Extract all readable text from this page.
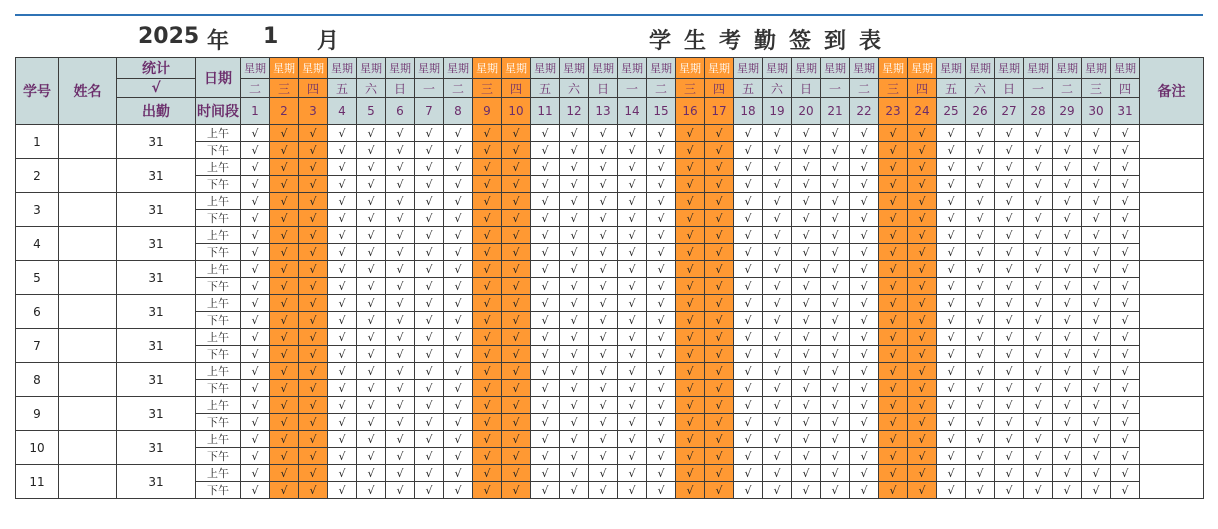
2025 年 1 月	学生考勤签到表
学号	姓名	统计	日期	星期	星期	星期	星期	星期	星期	星期	星期	星期	星期	星期	星期	星期	星期	星期	星期	星期	星期	星期	星期	星期	星期	星期	星期	星期	星期	星期	星期	星期	星期	星期	备注
		√		二	三	四	五	六	日	一	二	三	四	五	六	日	一	二	三	四	五	六	日	一	二	三	四	五	六	日	一	二	三	四	
		出勤	时间段	1	2	3	4	5	6	7	8	9	10	11	12	13	14	15	16	17	18	19	20	21	22	23	24	25	26	27	28	29	30	31	
1		31	上午	√	√	√	√	√	√	√	√	√	√	√	√	√	√	√	√	√	√	√	√	√	√	√	√	√	√	√	√	√	√	√	
			下午	√	√	√	√	√	√	√	√	√	√	√	√	√	√	√	√	√	√	√	√	√	√	√	√	√	√	√	√	√	√	√	
2		31	上午	√	√	√	√	√	√	√	√	√	√	√	√	√	√	√	√	√	√	√	√	√	√	√	√	√	√	√	√	√	√	√	
			下午	√	√	√	√	√	√	√	√	√	√	√	√	√	√	√	√	√	√	√	√	√	√	√	√	√	√	√	√	√	√	√	
3		31	上午	√	√	√	√	√	√	√	√	√	√	√	√	√	√	√	√	√	√	√	√	√	√	√	√	√	√	√	√	√	√	√	
			下午	√	√	√	√	√	√	√	√	√	√	√	√	√	√	√	√	√	√	√	√	√	√	√	√	√	√	√	√	√	√	√	
4		31	上午	√	√	√	√	√	√	√	√	√	√	√	√	√	√	√	√	√	√	√	√	√	√	√	√	√	√	√	√	√	√	√	
			下午	√	√	√	√	√	√	√	√	√	√	√	√	√	√	√	√	√	√	√	√	√	√	√	√	√	√	√	√	√	√	√	
5		31	上午	√	√	√	√	√	√	√	√	√	√	√	√	√	√	√	√	√	√	√	√	√	√	√	√	√	√	√	√	√	√	√	
			下午	√	√	√	√	√	√	√	√	√	√	√	√	√	√	√	√	√	√	√	√	√	√	√	√	√	√	√	√	√	√	√	
6		31	上午	√	√	√	√	√	√	√	√	√	√	√	√	√	√	√	√	√	√	√	√	√	√	√	√	√	√	√	√	√	√	√	
			下午	√	√	√	√	√	√	√	√	√	√	√	√	√	√	√	√	√	√	√	√	√	√	√	√	√	√	√	√	√	√	√	
7		31	上午	√	√	√	√	√	√	√	√	√	√	√	√	√	√	√	√	√	√	√	√	√	√	√	√	√	√	√	√	√	√	√	
			下午	√	√	√	√	√	√	√	√	√	√	√	√	√	√	√	√	√	√	√	√	√	√	√	√	√	√	√	√	√	√	√	
8		31	上午	√	√	√	√	√	√	√	√	√	√	√	√	√	√	√	√	√	√	√	√	√	√	√	√	√	√	√	√	√	√	√	
			下午	√	√	√	√	√	√	√	√	√	√	√	√	√	√	√	√	√	√	√	√	√	√	√	√	√	√	√	√	√	√	√	
9		31	上午	√	√	√	√	√	√	√	√	√	√	√	√	√	√	√	√	√	√	√	√	√	√	√	√	√	√	√	√	√	√	√	
			下午	√	√	√	√	√	√	√	√	√	√	√	√	√	√	√	√	√	√	√	√	√	√	√	√	√	√	√	√	√	√	√	
10		31	上午	√	√	√	√	√	√	√	√	√	√	√	√	√	√	√	√	√	√	√	√	√	√	√	√	√	√	√	√	√	√	√	
			下午	√	√	√	√	√	√	√	√	√	√	√	√	√	√	√	√	√	√	√	√	√	√	√	√	√	√	√	√	√	√	√	
11		31	上午	√	√	√	√	√	√	√	√	√	√	√	√	√	√	√	√	√	√	√	√	√	√	√	√	√	√	√	√	√	√	√	
			下午	√	√	√	√	√	√	√	√	√	√	√	√	√	√	√	√	√	√	√	√	√	√	√	√	√	√	√	√	√	√	√	
